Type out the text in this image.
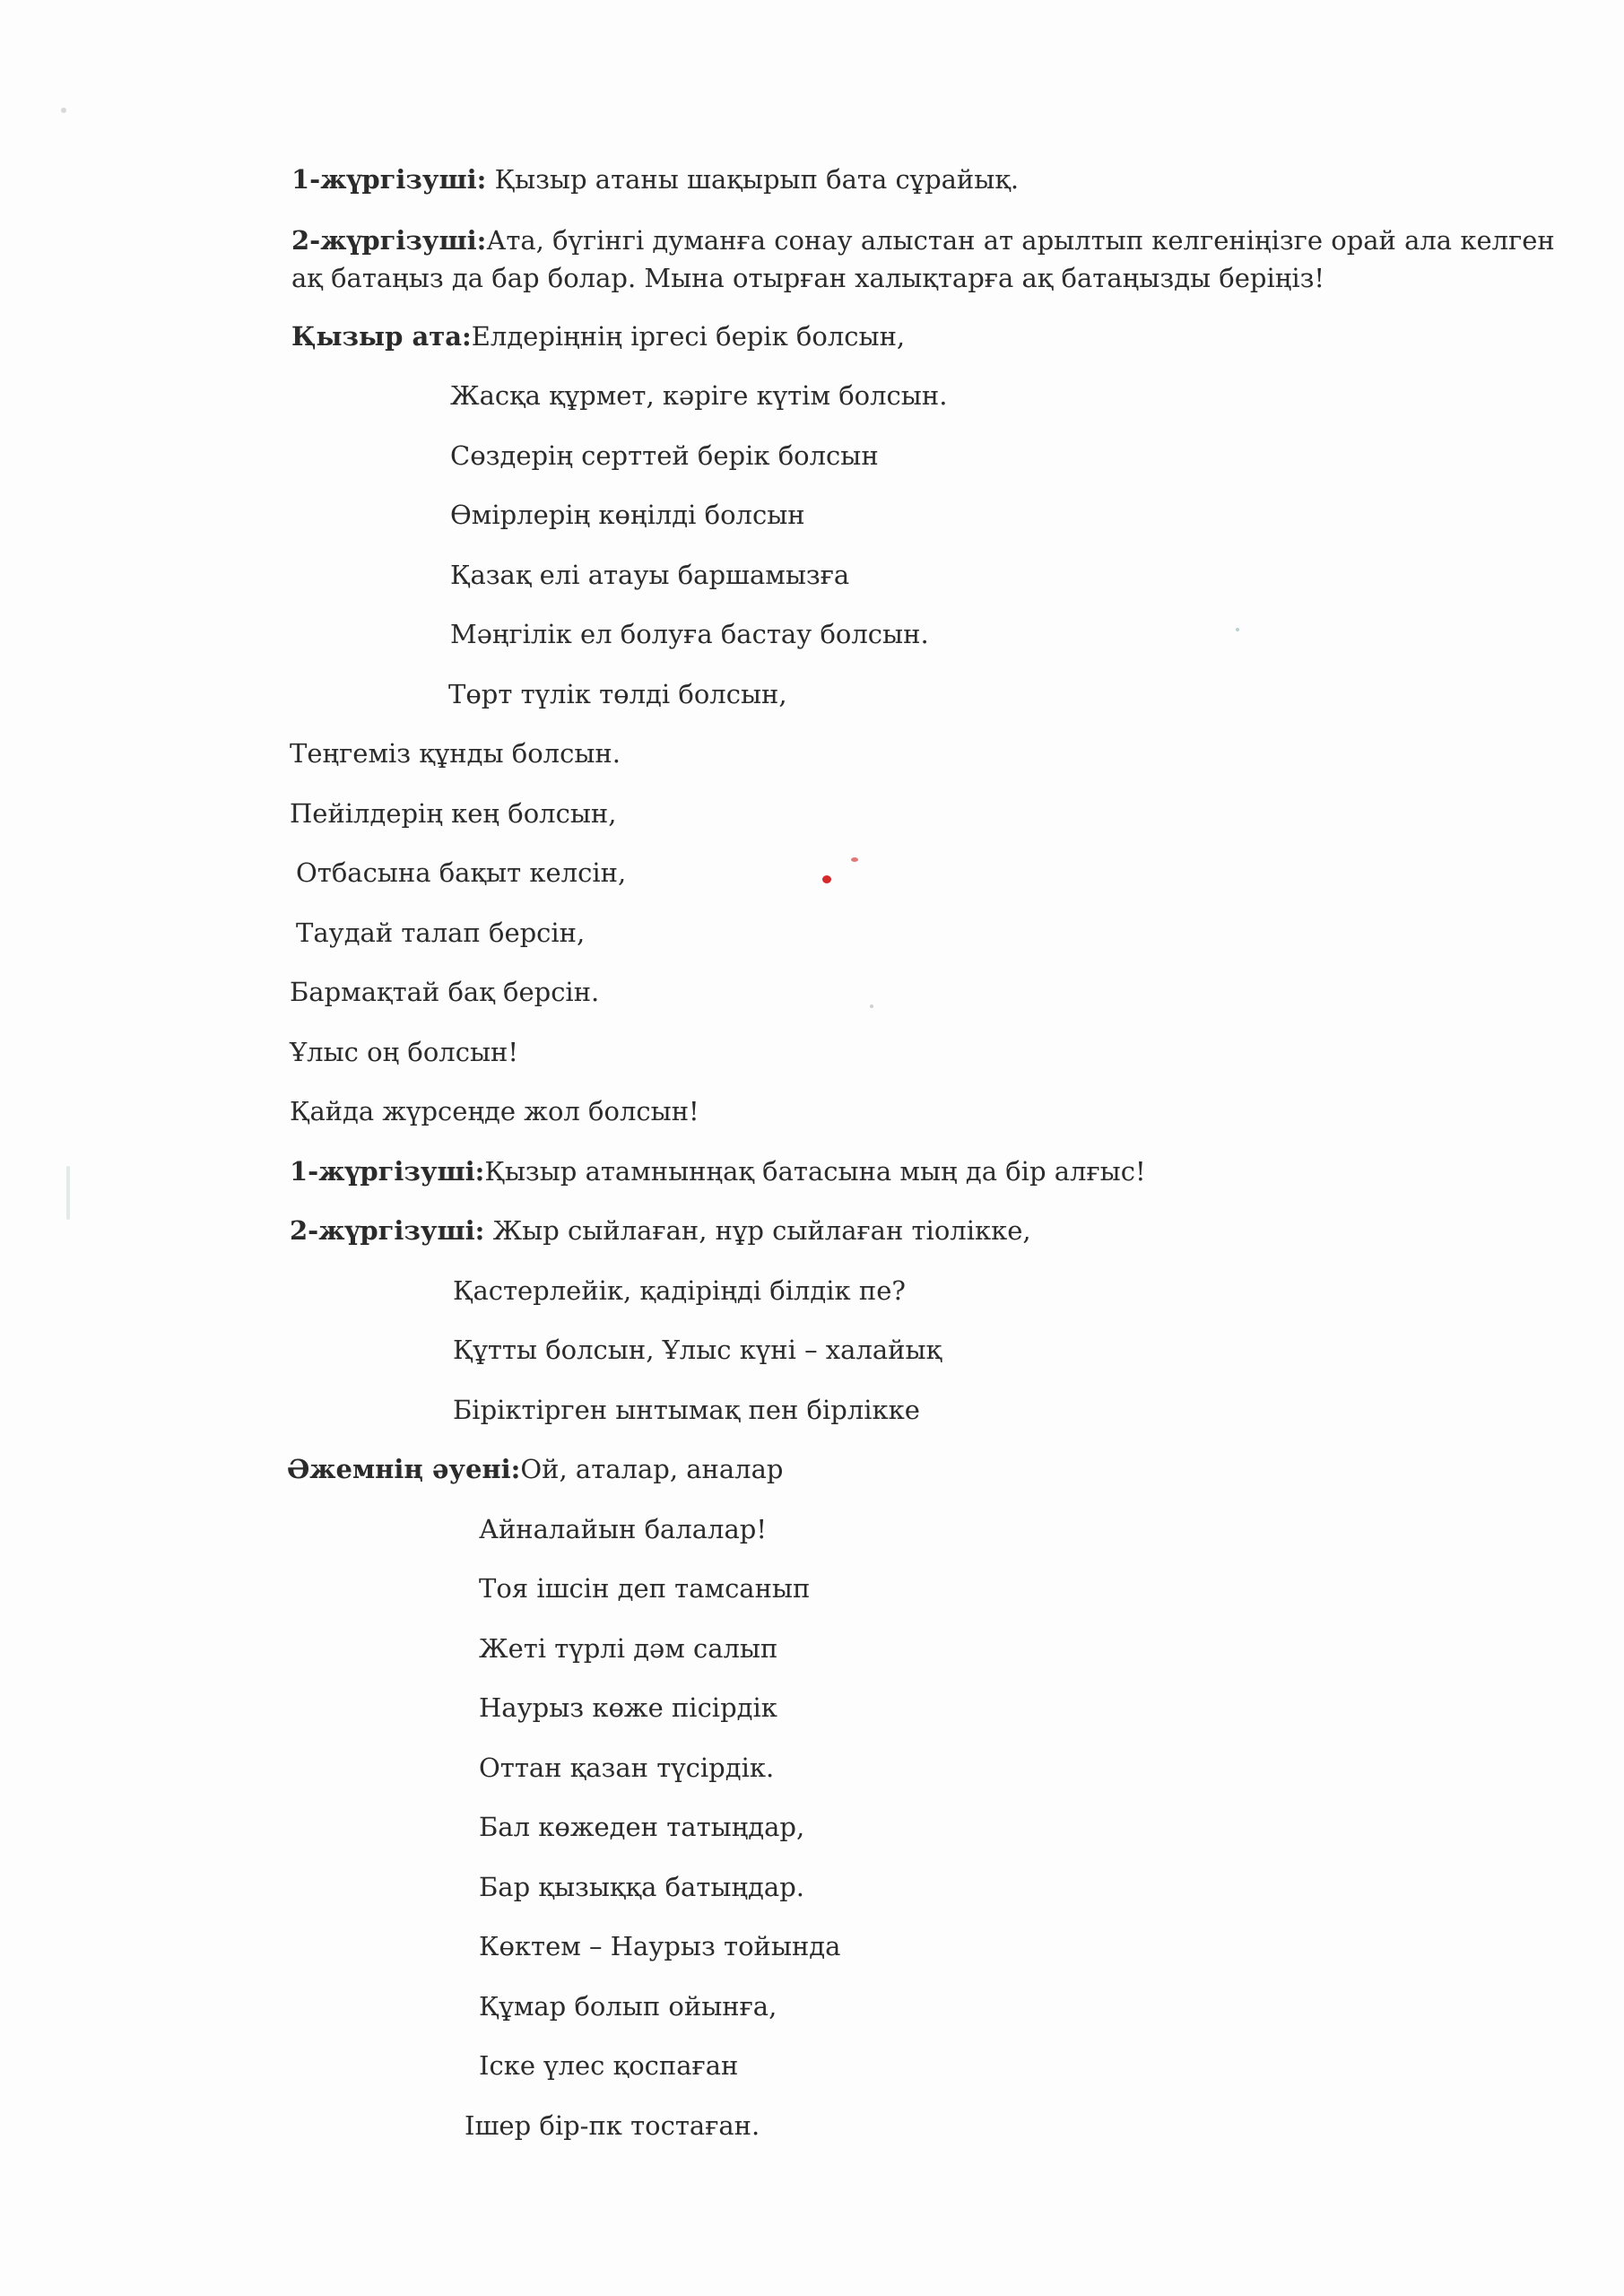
1-жүргізуші: Қызыр атаны шақырып бата сұрайық.
2-жүргізуші:Ата, бүгінгі думанға сонау алыстан ат арылтып келгеніңізге орай ала келген ақ батаңыз да бар болар. Мына отырған халықтарға ақ батаңызды беріңіз!
Қызыр ата:Елдеріңнің іргесі берік болсын,
Жасқа құрмет, кәріге күтім болсын.
Сөздерің серттей берік болсын
Өмірлерің көңілді болсын
Қазақ елі атауы баршамызға
Мәңгілік ел болуға бастау болсын.
Төрт түлік төлді болсын,
Теңгеміз құнды болсын.
Пейілдерің кең болсын,
Отбасына бақыт келсін,
Таудай талап берсін,
Бармақтай бақ берсін.
Ұлыс оң болсын!
Қайда жүрсеңде жол болсын!
1-жүргізуші:Қызыр атамнынңақ батасына мың да бір алғыс!
2-жүргізуші: Жыр сыйлаған, нұр сыйлаған тіолікке,
Қастерлейік, қадіріңді білдік пе?
Құтты болсын, Ұлыс күні – халайық
Біріктірген ынтымақ пен бірлікке
Әжемнің әуені:Ой, аталар, аналар
Айналайын балалар!
Тоя ішсін деп тамсанып
Жеті түрлі дәм салып
Наурыз көже пісірдік
Оттан қазан түсірдік.
Бал көжеден татыңдар,
Бар қызыққа батыңдар.
Көктем – Наурыз тойында
Құмар болып ойынға,
Іске үлес қоспаған
Ішер бір-пк тостаған.
